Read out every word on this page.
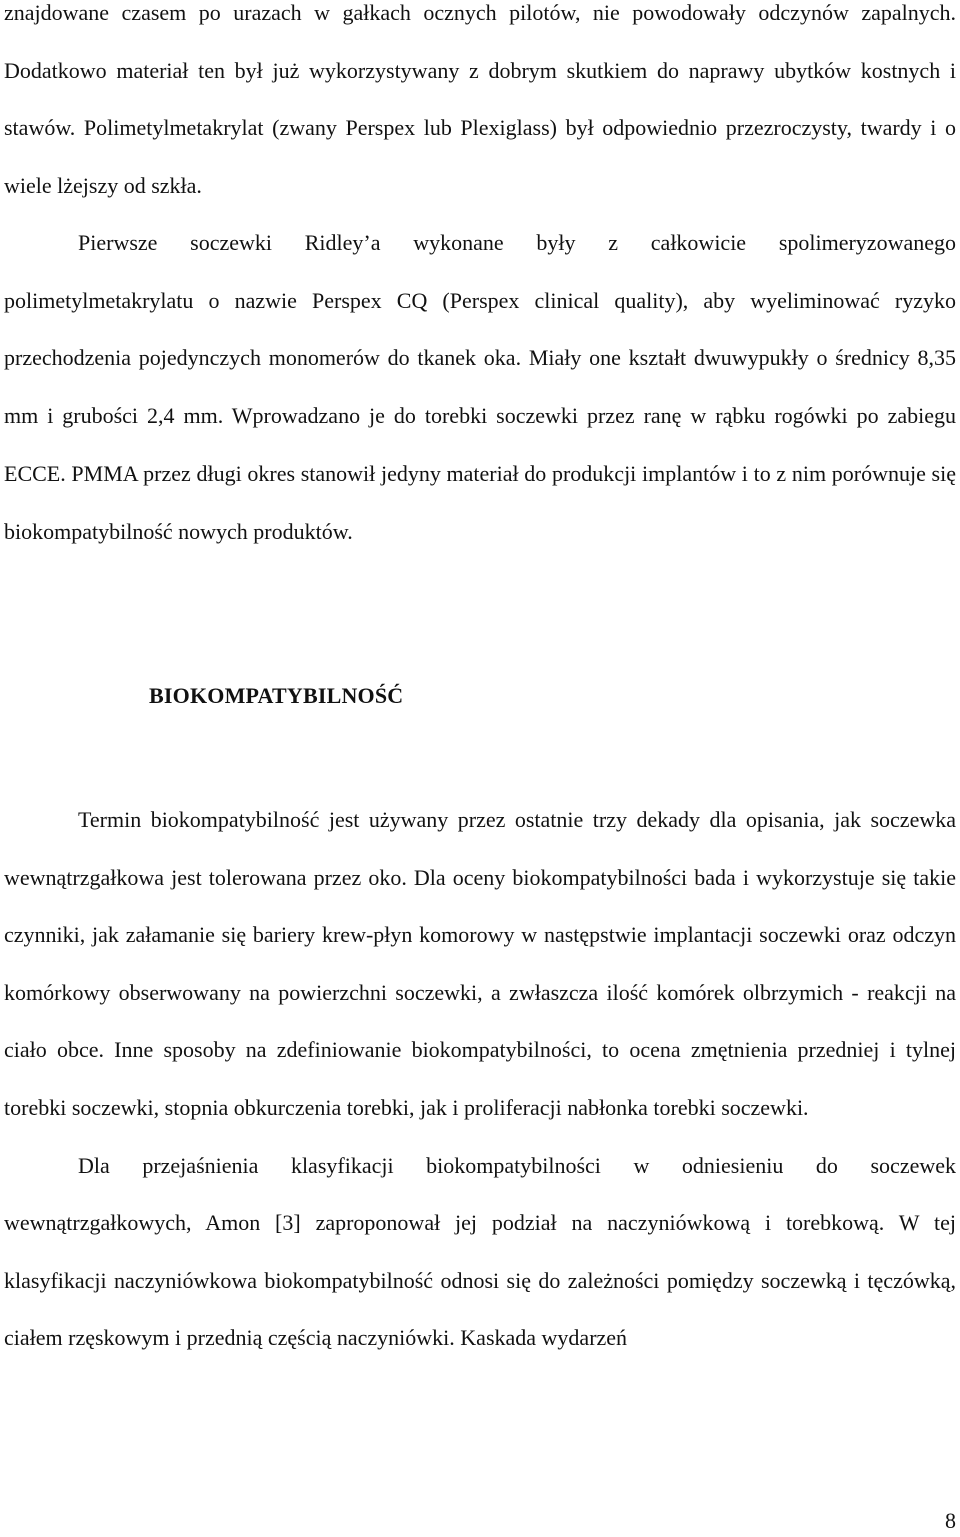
znajdowane czasem po urazach w gałkach ocznych pilotów, nie powodowały odczynów zapalnych. Dodatkowo materiał ten był już wykorzystywany z dobrym skutkiem do naprawy ubytków kostnych i stawów. Polimetylmetakrylat (zwany Perspex lub Plexiglass) był odpowiednio przezroczysty, twardy i o wiele lżejszy od szkła.

Pierwsze soczewki Ridley’a wykonane były z całkowicie spolimeryzowanego polimetylmetakrylatu o nazwie Perspex CQ (Perspex clinical quality), aby wyeliminować ryzyko przechodzenia pojedynczych monomerów do tkanek oka. Miały one kształt dwuwypukły o średnicy 8,35 mm i grubości 2,4 mm. Wprowadzano je do torebki soczewki przez ranę w rąbku rogówki po zabiegu ECCE. PMMA przez długi okres stanowił jedyny materiał do produkcji implantów i to z nim porównuje się biokompatybilność nowych produktów.

BIOKOMPATYBILNOŚĆ

Termin biokompatybilność jest używany przez ostatnie trzy dekady dla opisania, jak soczewka wewnątrzgałkowa jest tolerowana przez oko. Dla oceny biokompatybilności bada i wykorzystuje się takie czynniki, jak załamanie się bariery krew-płyn komorowy w następstwie implantacji soczewki oraz odczyn komórkowy obserwowany na powierzchni soczewki, a zwłaszcza ilość komórek olbrzymich - reakcji na ciało obce. Inne sposoby na zdefiniowanie biokompatybilności, to ocena zmętnienia przedniej i tylnej torebki soczewki, stopnia obkurczenia torebki, jak i proliferacji nabłonka torebki soczewki.

Dla przejaśnienia klasyfikacji biokompatybilności w odniesieniu do soczewek wewnątrzgałkowych, Amon [3] zaproponował jej podział na naczyniówkową i torebkową. W tej klasyfikacji naczyniówkowa biokompatybilność odnosi się do zależności pomiędzy soczewką i tęczówką, ciałem rzęskowym i przednią częścią naczyniówki. Kaskada wydarzeń

8
